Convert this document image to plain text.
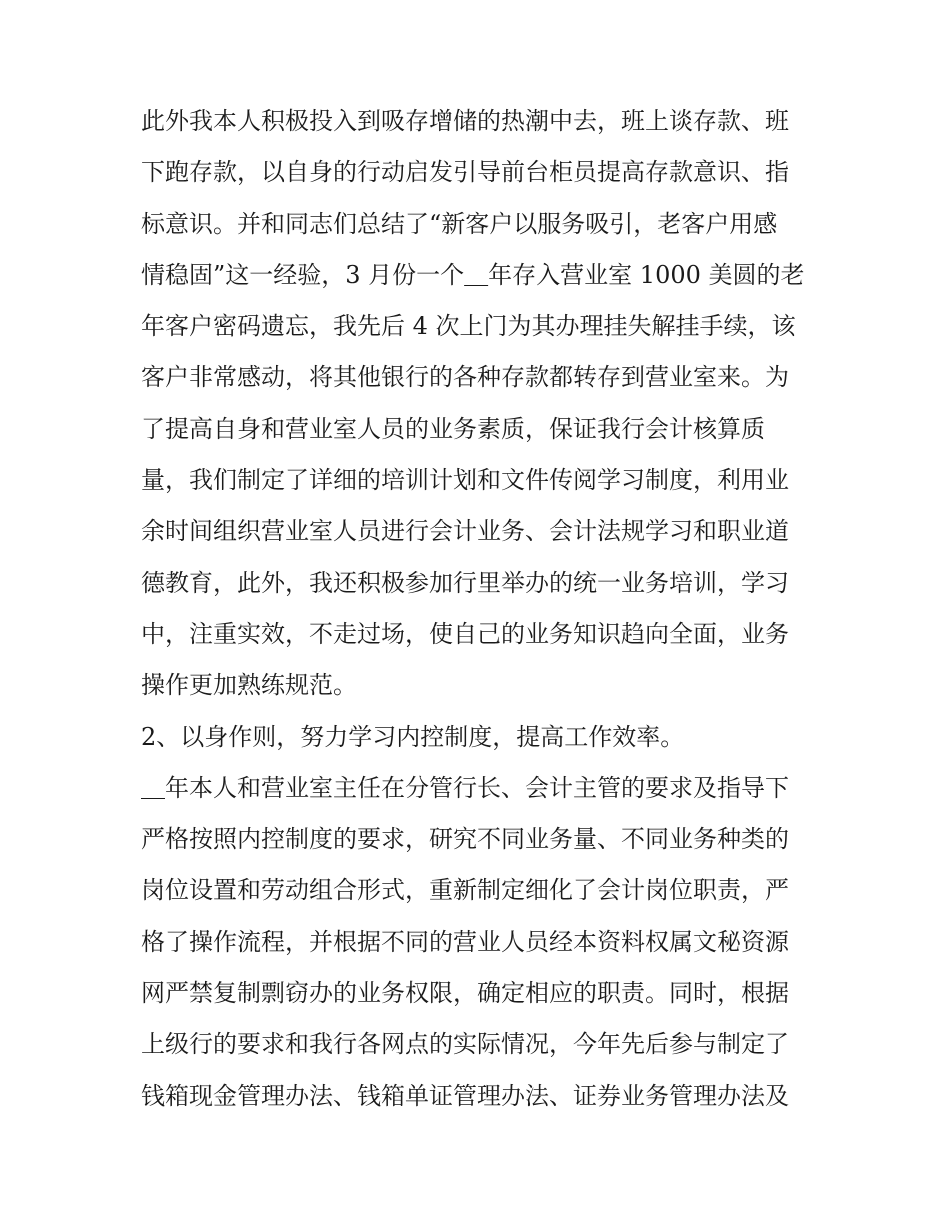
此外我本人积极投入到吸存增储的热潮中去，班上谈存款、班
下跑存款，以自身的行动启发引导前台柜员提高存款意识、指
标意识。并和同志们总结了“新客户以服务吸引，老客户用感
情稳固”这一经验，3 月份一个＿年存入营业室 1000 美圆的老
年客户密码遗忘，我先后 4 次上门为其办理挂失解挂手续，该
客户非常感动，将其他银行的各种存款都转存到营业室来。为
了提高自身和营业室人员的业务素质，保证我行会计核算质
量，我们制定了详细的培训计划和文件传阅学习制度，利用业
余时间组织营业室人员进行会计业务、会计法规学习和职业道
德教育，此外，我还积极参加行里举办的统一业务培训，学习
中，注重实效，不走过场，使自己的业务知识趋向全面，业务
操作更加熟练规范。
2、以身作则，努力学习内控制度，提高工作效率。
＿年本人和营业室主任在分管行长、会计主管的要求及指导下
严格按照内控制度的要求，研究不同业务量、不同业务种类的
岗位设置和劳动组合形式，重新制定细化了会计岗位职责，严
格了操作流程，并根据不同的营业人员经本资料权属文秘资源
网严禁复制剽窃办的业务权限，确定相应的职责。同时，根据
上级行的要求和我行各网点的实际情况，今年先后参与制定了
钱箱现金管理办法、钱箱单证管理办法、证券业务管理办法及
